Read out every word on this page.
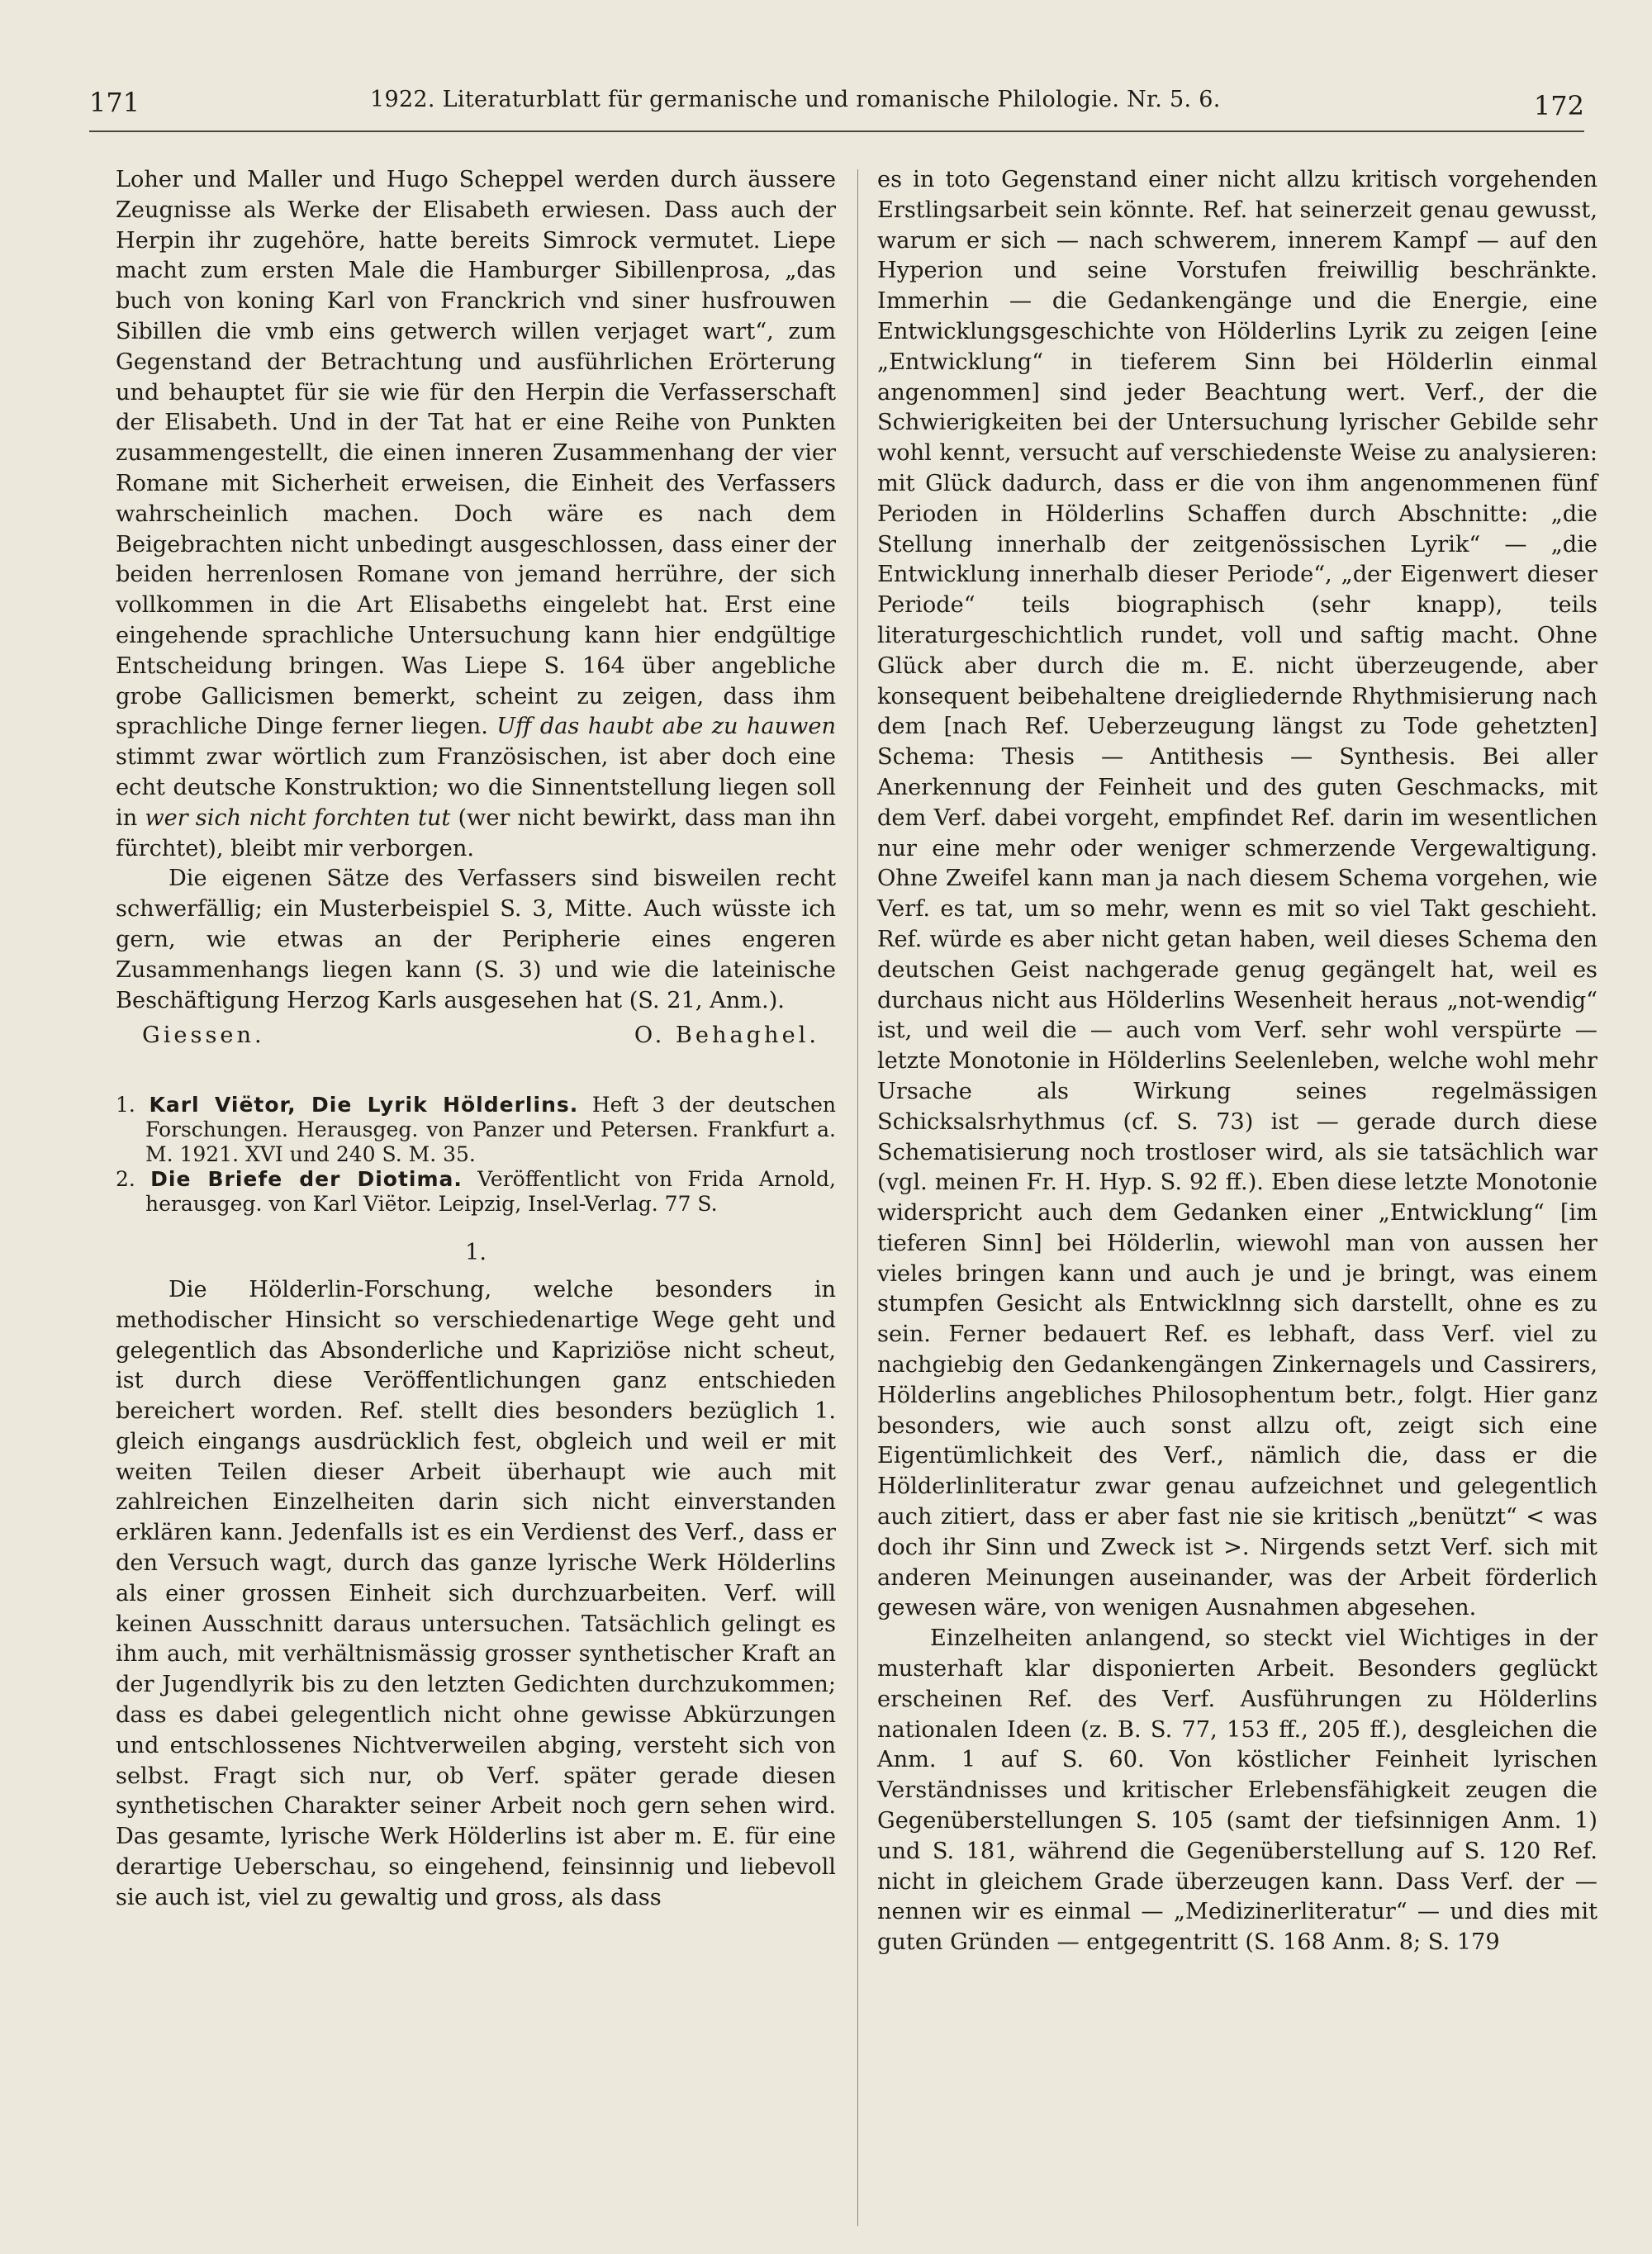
171	1922. Literaturblatt für germanische und romanische Philologie. Nr. 5. 6.	172

Loher und Maller und Hugo Scheppel werden durch äussere Zeugnisse als Werke der Elisabeth erwiesen. Dass auch der Herpin ihr zugehöre, hatte bereits Simrock vermutet. Liepe macht zum ersten Male die Hamburger Sibillenprosa, „das buch von koning Karl von Franckrich vnd siner husfrouwen Sibillen die vmb eins getwerch willen verjaget wart“, zum Gegenstand der Betrachtung und ausführlichen Erörterung und behauptet für sie wie für den Herpin die Verfasserschaft der Elisabeth. Und in der Tat hat er eine Reihe von Punkten zusammengestellt, die einen inneren Zusammenhang der vier Romane mit Sicherheit erweisen, die Einheit des Verfassers wahrscheinlich machen. Doch wäre es nach dem Beigebrachten nicht unbedingt ausgeschlossen, dass einer der beiden herrenlosen Romane von jemand herrühre, der sich vollkommen in die Art Elisabeths eingelebt hat. Erst eine eingehende sprachliche Untersuchung kann hier endgültige Entscheidung bringen. Was Liepe S. 164 über angebliche grobe Gallicismen bemerkt, scheint zu zeigen, dass ihm sprachliche Dinge ferner liegen. Uff das haubt abe zu hauwen stimmt zwar wörtlich zum Französischen, ist aber doch eine echt deutsche Konstruktion; wo die Sinnentstellung liegen soll in wer sich nicht forchten tut (wer nicht bewirkt, dass man ihn fürchtet), bleibt mir verborgen.

Die eigenen Sätze des Verfassers sind bisweilen recht schwerfällig; ein Musterbeispiel S. 3, Mitte. Auch wüsste ich gern, wie etwas an der Peripherie eines engeren Zusammenhangs liegen kann (S. 3) und wie die lateinische Beschäftigung Herzog Karls ausgesehen hat (S. 21, Anm.).

Giessen.	O. Behaghel.

1. Karl Viëtor, Die Lyrik Hölderlins. Heft 3 der deutschen Forschungen. Herausgeg. von Panzer und Petersen. Frankfurt a. M. 1921. XVI und 240 S. M. 35.

2. Die Briefe der Diotima. Veröffentlicht von Frida Arnold, herausgeg. von Karl Viëtor. Leipzig, Insel-Verlag. 77 S.

1.

Die Hölderlin-Forschung, welche besonders in methodischer Hinsicht so verschiedenartige Wege geht und gelegentlich das Absonderliche und Kapriziöse nicht scheut, ist durch diese Veröffentlichungen ganz entschieden bereichert worden. Ref. stellt dies besonders bezüglich 1. gleich eingangs ausdrücklich fest, obgleich und weil er mit weiten Teilen dieser Arbeit überhaupt wie auch mit zahlreichen Einzelheiten darin sich nicht einverstanden erklären kann. Jedenfalls ist es ein Verdienst des Verf., dass er den Versuch wagt, durch das ganze lyrische Werk Hölderlins als einer grossen Einheit sich durchzuarbeiten. Verf. will keinen Ausschnitt daraus untersuchen. Tatsächlich gelingt es ihm auch, mit verhältnismässig grosser synthetischer Kraft an der Jugendlyrik bis zu den letzten Gedichten durchzukommen; dass es dabei gelegentlich nicht ohne gewisse Abkürzungen und entschlossenes Nichtverweilen abging, versteht sich von selbst. Fragt sich nur, ob Verf. später gerade diesen synthetischen Charakter seiner Arbeit noch gern sehen wird. Das gesamte, lyrische Werk Hölderlins ist aber m. E. für eine derartige Ueberschau, so eingehend, feinsinnig und liebevoll sie auch ist, viel zu gewaltig und gross, als dass

es in toto Gegenstand einer nicht allzu kritisch vorgehenden Erstlingsarbeit sein könnte. Ref. hat seinerzeit genau gewusst, warum er sich — nach schwerem, innerem Kampf — auf den Hyperion und seine Vorstufen freiwillig beschränkte. Immerhin — die Gedankengänge und die Energie, eine Entwicklungsgeschichte von Hölderlins Lyrik zu zeigen [eine „Entwicklung“ in tieferem Sinn bei Hölderlin einmal angenommen] sind jeder Beachtung wert. Verf., der die Schwierigkeiten bei der Untersuchung lyrischer Gebilde sehr wohl kennt, versucht auf verschiedenste Weise zu analysieren: mit Glück dadurch, dass er die von ihm angenommenen fünf Perioden in Hölderlins Schaffen durch Abschnitte: „die Stellung innerhalb der zeitgenössischen Lyrik“ — „die Entwicklung innerhalb dieser Periode“, „der Eigenwert dieser Periode“ teils biographisch (sehr knapp), teils literaturgeschichtlich rundet, voll und saftig macht. Ohne Glück aber durch die m. E. nicht überzeugende, aber konsequent beibehaltene dreigliedernde Rhythmisierung nach dem [nach Ref. Ueberzeugung längst zu Tode gehetzten] Schema: Thesis — Antithesis — Synthesis. Bei aller Anerkennung der Feinheit und des guten Geschmacks, mit dem Verf. dabei vorgeht, empfindet Ref. darin im wesentlichen nur eine mehr oder weniger schmerzende Vergewaltigung. Ohne Zweifel kann man ja nach diesem Schema vorgehen, wie Verf. es tat, um so mehr, wenn es mit so viel Takt geschieht. Ref. würde es aber nicht getan haben, weil dieses Schema den deutschen Geist nachgerade genug gegängelt hat, weil es durchaus nicht aus Hölderlins Wesenheit heraus „not-wendig“ ist, und weil die — auch vom Verf. sehr wohl verspürte — letzte Monotonie in Hölderlins Seelenleben, welche wohl mehr Ursache als Wirkung seines regelmässigen Schicksalsrhythmus (cf. S. 73) ist — gerade durch diese Schematisierung noch trostloser wird, als sie tatsächlich war (vgl. meinen Fr. H. Hyp. S. 92 ff.). Eben diese letzte Monotonie widerspricht auch dem Gedanken einer „Entwicklung“ [im tieferen Sinn] bei Hölderlin, wiewohl man von aussen her vieles bringen kann und auch je und je bringt, was einem stumpfen Gesicht als Entwicklnng sich darstellt, ohne es zu sein. Ferner bedauert Ref. es lebhaft, dass Verf. viel zu nachgiebig den Gedankengängen Zinkernagels und Cassirers, Hölderlins angebliches Philosophentum betr., folgt. Hier ganz besonders, wie auch sonst allzu oft, zeigt sich eine Eigentümlichkeit des Verf., nämlich die, dass er die Hölderlinliteratur zwar genau aufzeichnet und gelegentlich auch zitiert, dass er aber fast nie sie kritisch „benützt“ < was doch ihr Sinn und Zweck ist >. Nirgends setzt Verf. sich mit anderen Meinungen auseinander, was der Arbeit förderlich gewesen wäre, von wenigen Ausnahmen abgesehen.

Einzelheiten anlangend, so steckt viel Wichtiges in der musterhaft klar disponierten Arbeit. Besonders geglückt erscheinen Ref. des Verf. Ausführungen zu Hölderlins nationalen Ideen (z. B. S. 77, 153 ff., 205 ff.), desgleichen die Anm. 1 auf S. 60. Von köstlicher Feinheit lyrischen Verständnisses und kritischer Erlebensfähigkeit zeugen die Gegenüberstellungen S. 105 (samt der tiefsinnigen Anm. 1) und S. 181, während die Gegenüberstellung auf S. 120 Ref. nicht in gleichem Grade überzeugen kann. Dass Verf. der — nennen wir es einmal — „Medizinerliteratur“ — und dies mit guten Gründen — entgegentritt (S. 168 Anm. 8; S. 179
